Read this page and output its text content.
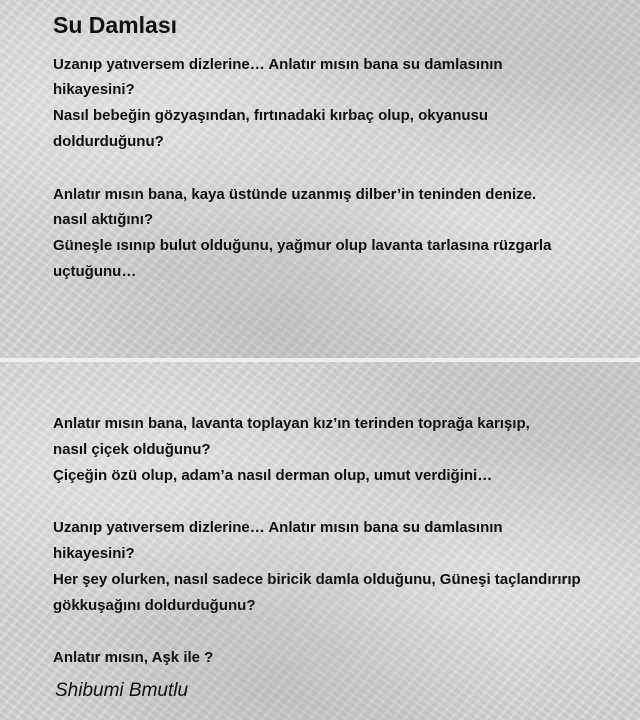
Su Damlası

Uzanıp yatıversem dizlerine… Anlatır mısın bana su damlasının

hikayesini?

Nasıl bebeğin gözyaşından, fırtınadaki kırbaç olup, okyanusu

doldurduğunu?

Anlatır mısın bana, kaya üstünde uzanmış dilber’in teninden denize.

nasıl aktığını?

Güneşle ısınıp bulut olduğunu, yağmur olup lavanta tarlasına rüzgarla

uçtuğunu…

Anlatır mısın bana, lavanta toplayan kız’ın terinden toprağa karışıp,

nasıl çiçek olduğunu?

Çiçeğin özü olup, adam’a nasıl derman olup, umut verdiğini…

Uzanıp yatıversem dizlerine… Anlatır mısın bana su damlasının

hikayesini?

Her şey olurken, nasıl sadece biricik damla olduğunu, Güneşi taçlandırırıp

gökkuşağını doldurduğunu?

Anlatır mısın, Aşk ile ?

Shibumi Bmutlu
